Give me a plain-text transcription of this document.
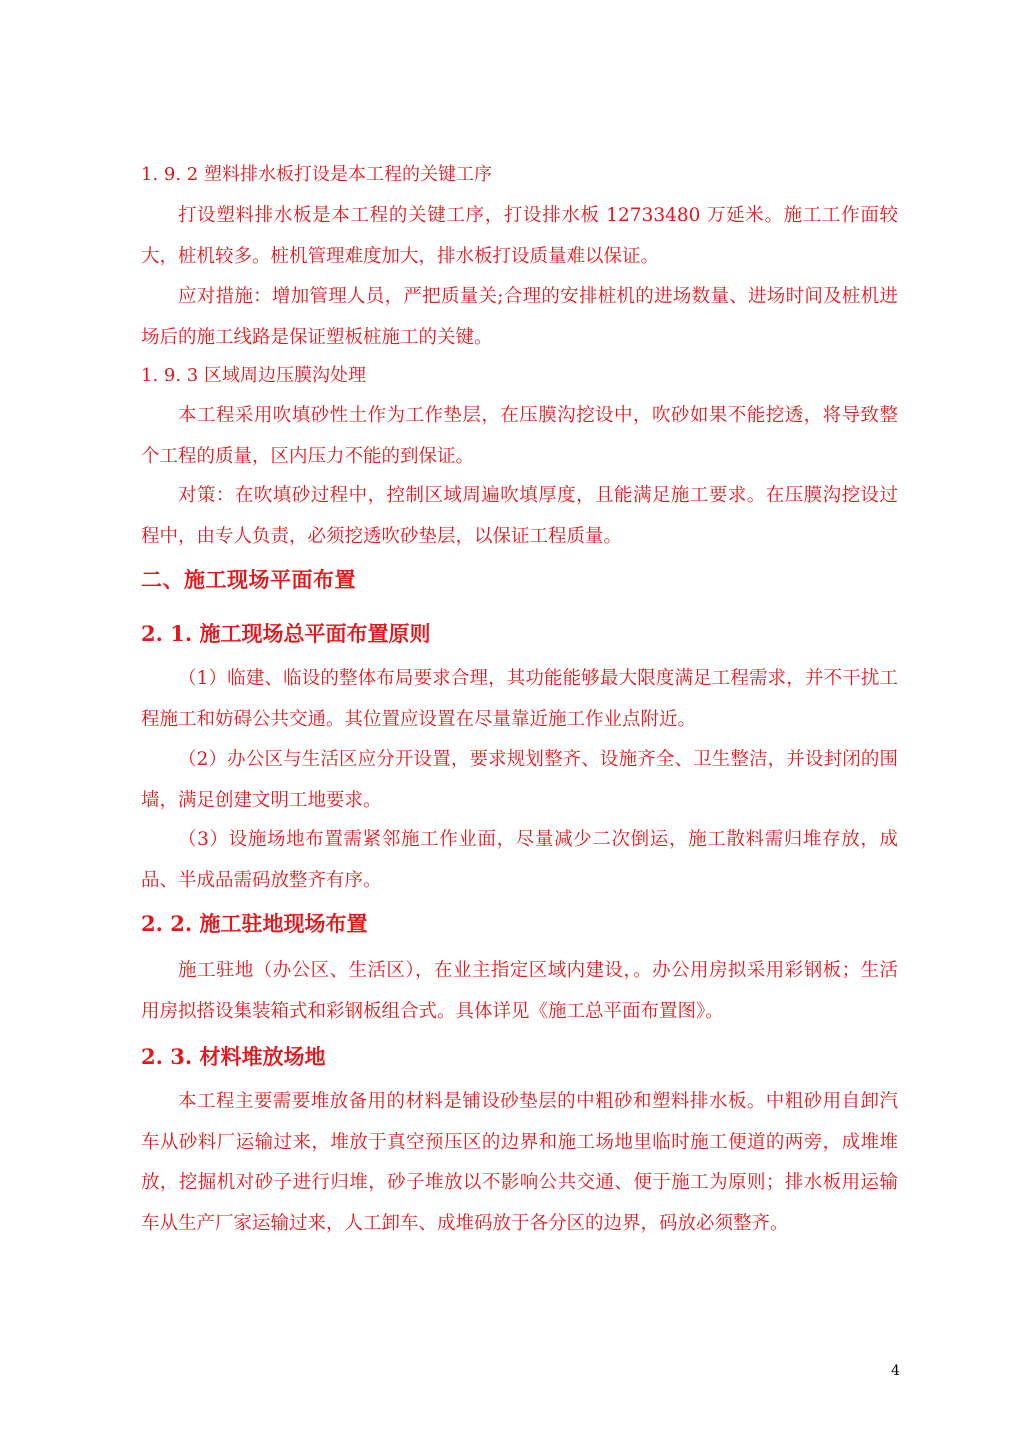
1. 9. 2 塑料排水板打设是本工程的关键工序

打设塑料排水板是本工程的关键工序，打设排水板 12733480 万延米。施工工作面较大，桩机较多。桩机管理难度加大，排水板打设质量难以保证。

应对措施：增加管理人员，严把质量关;合理的安排桩机的进场数量、进场时间及桩机进场后的施工线路是保证塑板桩施工的关键。

1. 9. 3 区域周边压膜沟处理

本工程采用吹填砂性土作为工作垫层，在压膜沟挖设中，吹砂如果不能挖透，将导致整个工程的质量，区内压力不能的到保证。

对策：在吹填砂过程中，控制区域周遍吹填厚度，且能满足施工要求。在压膜沟挖设过程中，由专人负责，必须挖透吹砂垫层，以保证工程质量。

二、施工现场平面布置
2. 1. 施工现场总平面布置原则

（1）临建、临设的整体布局要求合理，其功能能够最大限度满足工程需求，并不干扰工程施工和妨碍公共交通。其位置应设置在尽量靠近施工作业点附近。

（2）办公区与生活区应分开设置，要求规划整齐、设施齐全、卫生整洁，并设封闭的围墙，满足创建文明工地要求。

（3）设施场地布置需紧邻施工作业面，尽量减少二次倒运，施工散料需归堆存放，成品、半成品需码放整齐有序。

2. 2. 施工驻地现场布置

施工驻地（办公区、生活区），在业主指定区域内建设，。办公用房拟采用彩钢板；生活用房拟搭设集装箱式和彩钢板组合式。具体详见《施工总平面布置图》。

2. 3. 材料堆放场地

本工程主要需要堆放备用的材料是铺设砂垫层的中粗砂和塑料排水板。中粗砂用自卸汽车从砂料厂运输过来，堆放于真空预压区的边界和施工场地里临时施工便道的两旁，成堆堆放，挖掘机对砂子进行归堆，砂子堆放以不影响公共交通、便于施工为原则；排水板用运输车从生产厂家运输过来，人工卸车、成堆码放于各分区的边界，码放必须整齐。

4
